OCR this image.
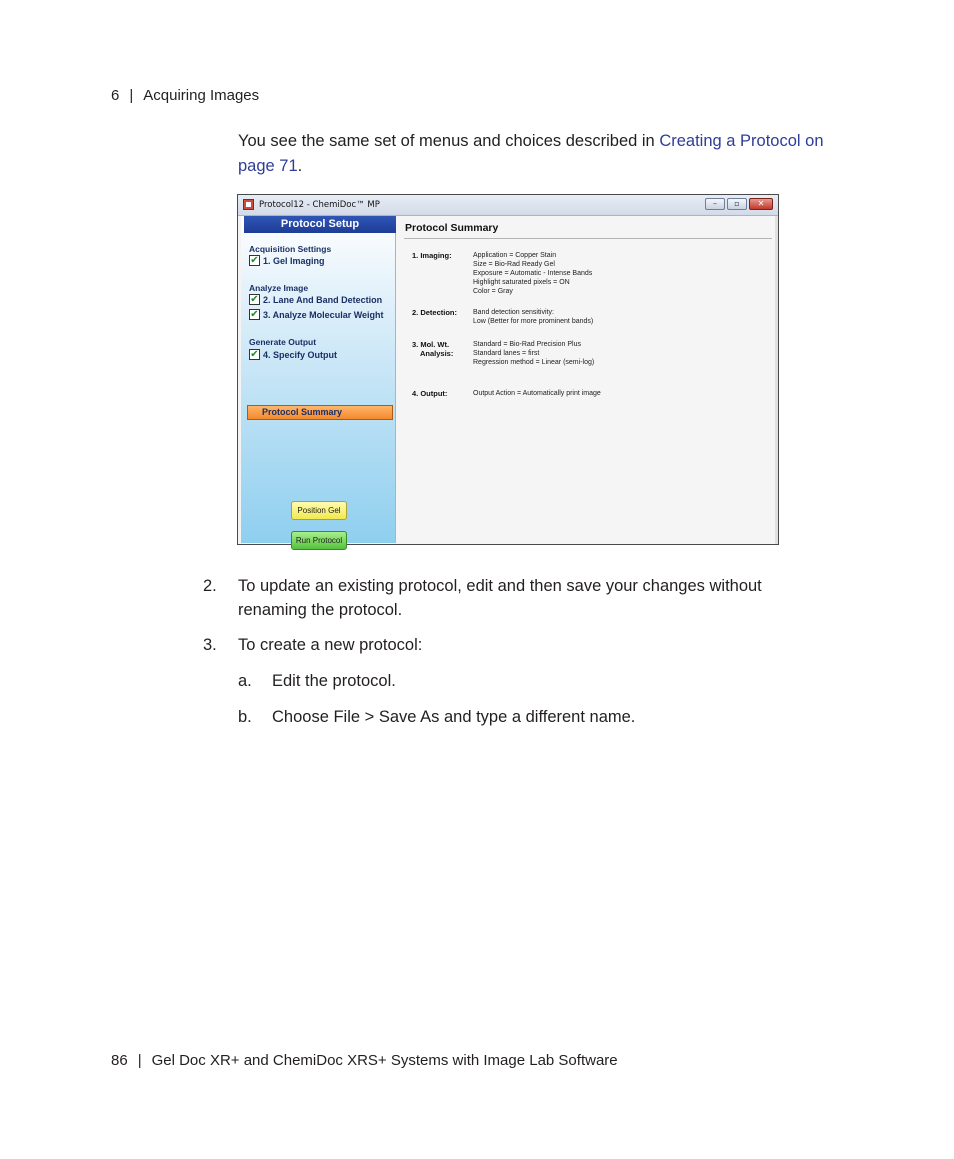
6 | Acquiring Images
You see the same set of menus and choices described in Creating a Protocol on page 71.
Protocol12 - ChemiDoc™ MP	–	▫	✕
Protocol Setup
Acquisition Settings
✔ 1. Gel Imaging
Analyze Image
✔ 2. Lane And Band Detection
✔ 3. Analyze Molecular Weight
Generate Output
✔ 4. Specify Output
Protocol Summary
Position Gel
Run Protocol
Protocol Summary
1. Imaging:	Application = Copper Stain
Size = Bio-Rad Ready Gel
Exposure = Automatic - Intense Bands
Highlight saturated pixels = ON
Color = Gray
2. Detection: Band detection sensitivity:
Low (Better for more prominent bands)
3. Mol. Wt.
Analysis:
Standard = Bio-Rad Precision Plus
Standard lanes = first
Regression method = Linear (semi-log)
4. Output:	Output Action = Automatically print image
2. To update an existing protocol, edit and then save your changes without
renaming the protocol.
3. To create a new protocol:
a. Edit the protocol.
b. Choose File > Save As and type a different name.
86 | Gel Doc XR+ and ChemiDoc XRS+ Systems with Image Lab Software
